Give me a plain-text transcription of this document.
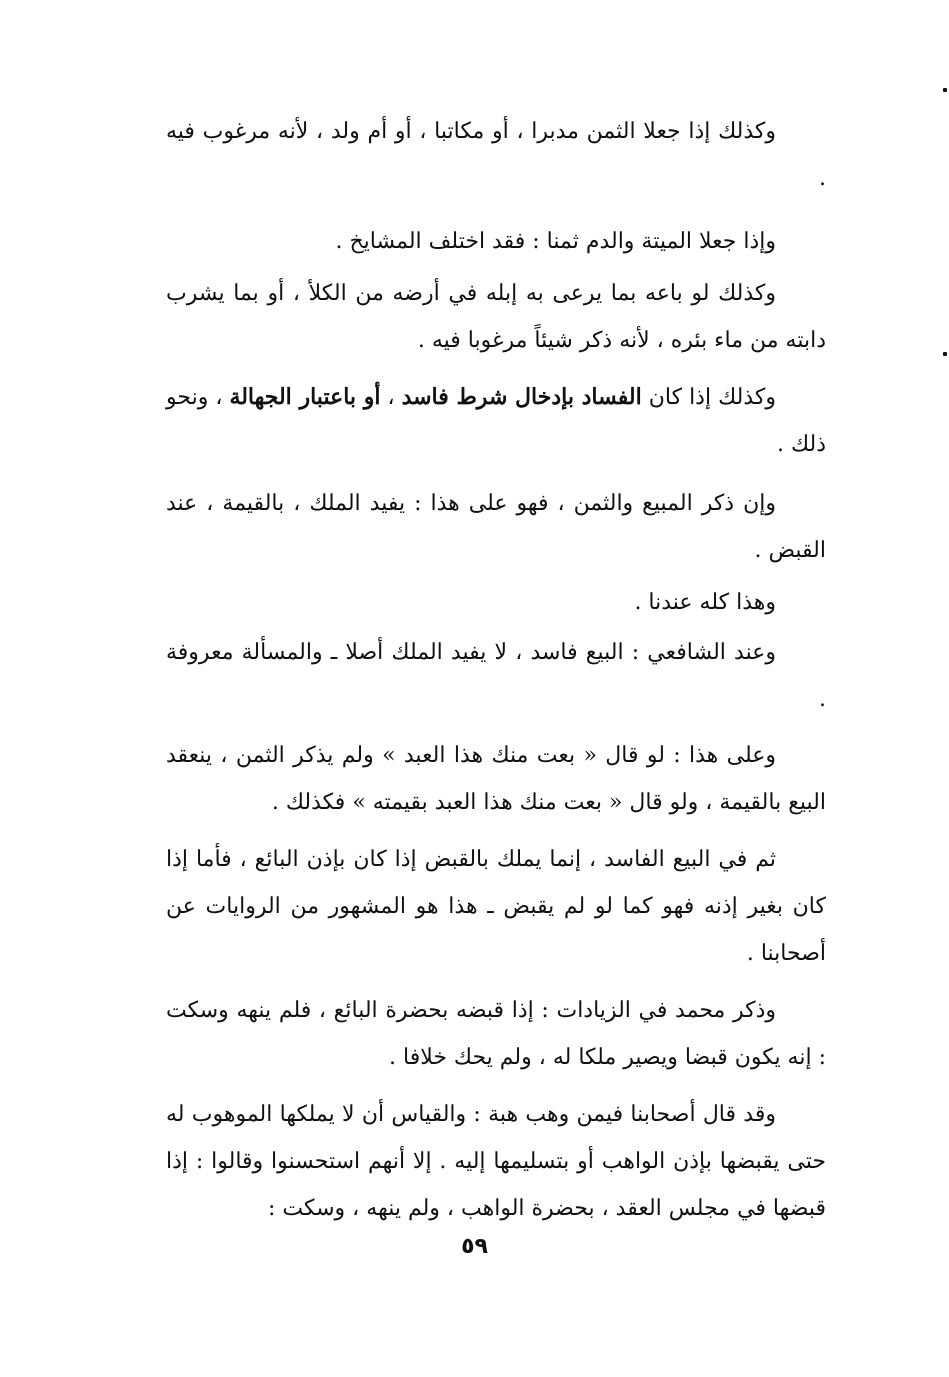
وكذلك إذا جعلا الثمن مدبرا ، أو مكاتبا ، أو أم ولد ، لأنه مرغوب فيه .

وإذا جعلا الميتة والدم ثمنا : فقد اختلف المشايخ .

وكذلك لو باعه بما يرعى به إبله في أرضه من الكلأ ، أو بما يشرب دابته من ماء بئره ، لأنه ذكر شيئاً مرغوبا فيه .

وكذلك إذا كان الفساد بإدخال شرط فاسد ، أو باعتبار الجهالة ، ونحو ذلك .

وإن ذكر المبيع والثمن ، فهو على هذا : يفيد الملك ، بالقيمة ، عند القبض .

وهذا كله عندنا .

وعند الشافعي : البيع فاسد ، لا يفيد الملك أصلا ـ والمسألة معروفة .

وعلى هذا : لو قال « بعت منك هذا العبد » ولم يذكر الثمن ، ينعقد البيع بالقيمة ، ولو قال « بعت منك هذا العبد بقيمته » فكذلك .

ثم في البيع الفاسد ، إنما يملك بالقبض إذا كان بإذن البائع ، فأما إذا كان بغير إذنه فهو كما لو لم يقبض ـ هذا هو المشهور من الروايات عن أصحابنا .

وذكر محمد في الزيادات : إذا قبضه بحضرة البائع ، فلم ينهه وسكت : إنه يكون قبضا ويصير ملكا له ، ولم يحك خلافا .

وقد قال أصحابنا فيمن وهب هبة : والقياس أن لا يملكها الموهوب له حتى يقبضها بإذن الواهب أو بتسليمها إليه . إلا أنهم استحسنوا وقالوا : إذا قبضها في مجلس العقد ، بحضرة الواهب ، ولم ينهه ، وسكت :

٥٩
